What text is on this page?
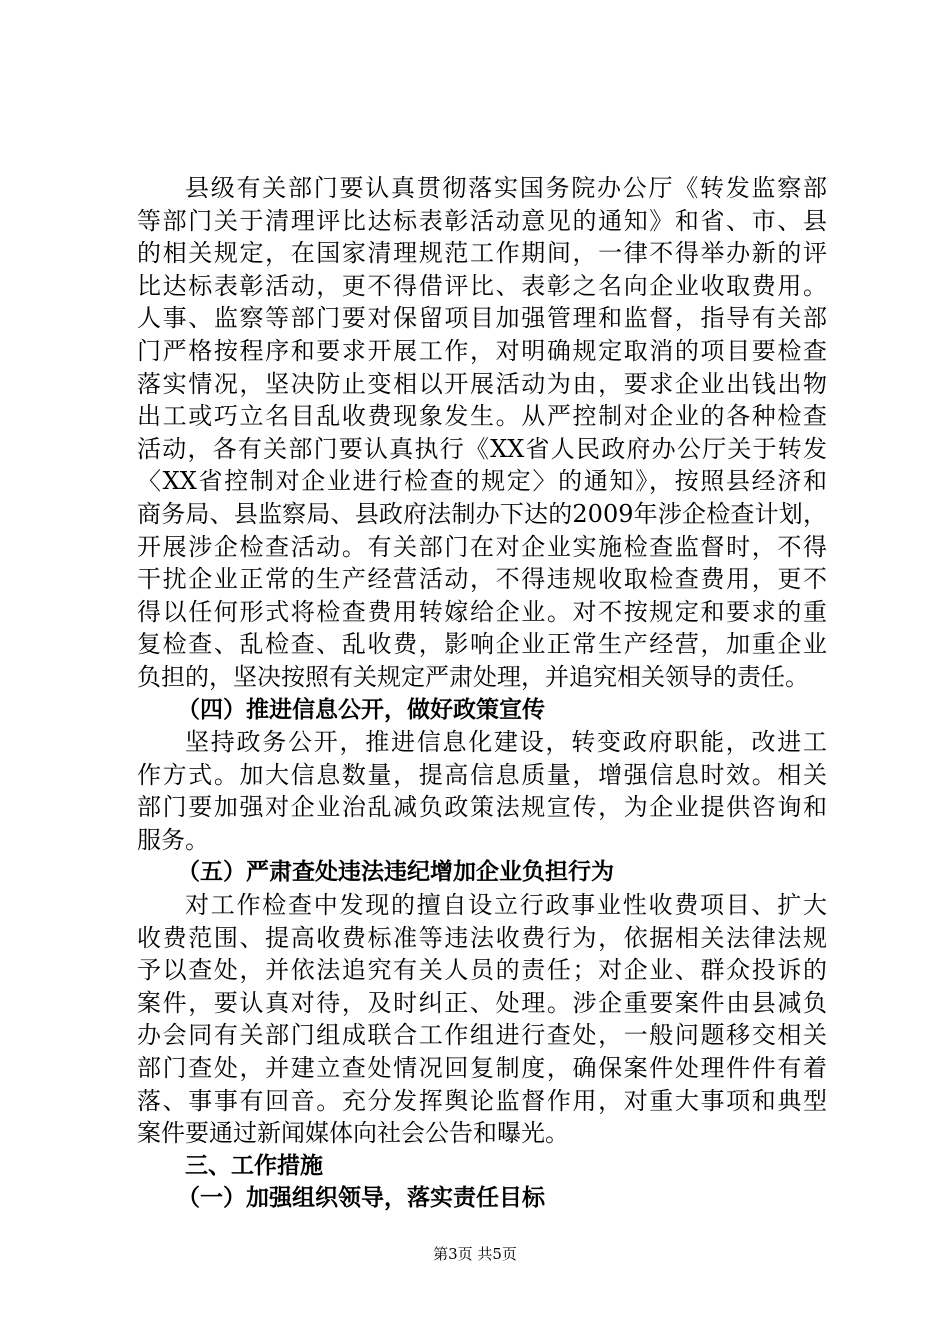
县级有关部门要认真贯彻落实国务院办公厅《转发监察部
等部门关于清理评比达标表彰活动意见的通知》和省、市、县
的相关规定，在国家清理规范工作期间，一律不得举办新的评
比达标表彰活动，更不得借评比、表彰之名向企业收取费用。
人事、监察等部门要对保留项目加强管理和监督，指导有关部
门严格按程序和要求开展工作，对明确规定取消的项目要检查
落实情况，坚决防止变相以开展活动为由，要求企业出钱出物
出工或巧立名目乱收费现象发生。从严控制对企业的各种检查
活动，各有关部门要认真执行《XX省人民政府办公厅关于转发
〈XX省控制对企业进行检查的规定〉的通知》，按照县经济和
商务局、县监察局、县政府法制办下达的2009年涉企检查计划，
开展涉企检查活动。有关部门在对企业实施检查监督时，不得
干扰企业正常的生产经营活动，不得违规收取检查费用，更不
得以任何形式将检查费用转嫁给企业。对不按规定和要求的重
复检查、乱检查、乱收费，影响企业正常生产经营，加重企业
负担的，坚决按照有关规定严肃处理，并追究相关领导的责任。
（四）推进信息公开，做好政策宣传
坚持政务公开，推进信息化建设，转变政府职能，改进工
作方式。加大信息数量，提高信息质量，增强信息时效。相关
部门要加强对企业治乱减负政策法规宣传，为企业提供咨询和
服务。
（五）严肃查处违法违纪增加企业负担行为
对工作检查中发现的擅自设立行政事业性收费项目、扩大
收费范围、提高收费标准等违法收费行为，依据相关法律法规
予以查处，并依法追究有关人员的责任；对企业、群众投诉的
案件，要认真对待，及时纠正、处理。涉企重要案件由县减负
办会同有关部门组成联合工作组进行查处，一般问题移交相关
部门查处，并建立查处情况回复制度，确保案件处理件件有着
落、事事有回音。充分发挥舆论监督作用，对重大事项和典型
案件要通过新闻媒体向社会公告和曝光。
三、工作措施
（一）加强组织领导，落实责任目标
第3页 共5页
